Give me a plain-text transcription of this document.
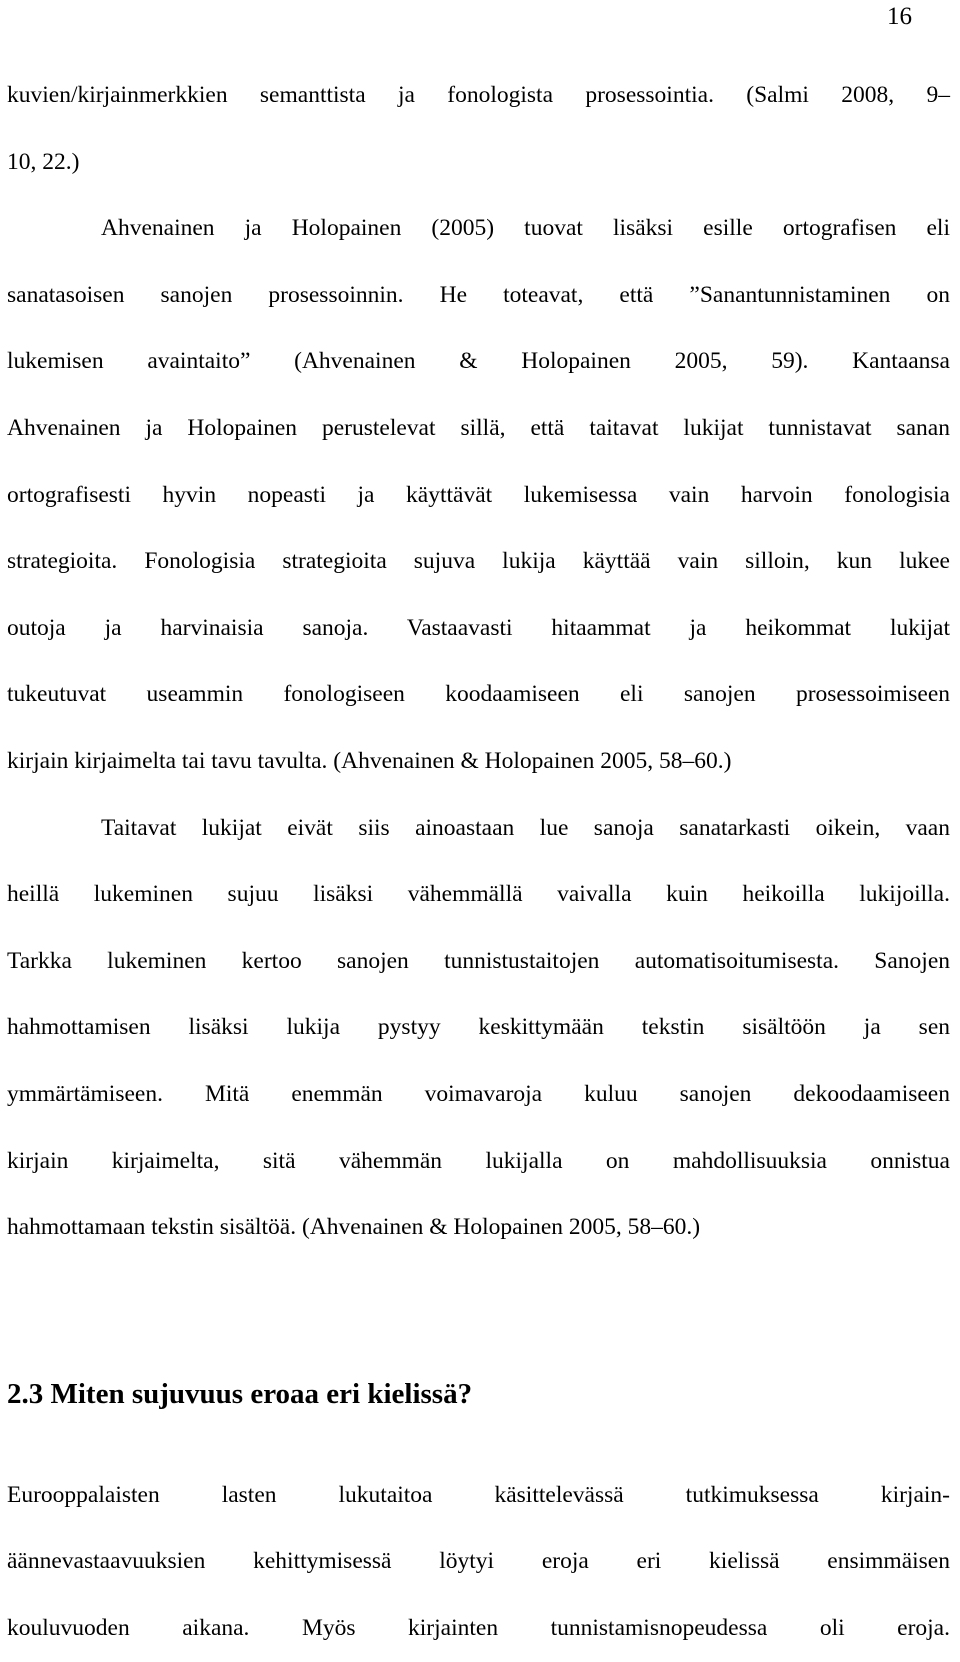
16
kuvien/kirjainmerkkien semanttista ja fonologista prosessointia. (Salmi 2008, 9–
10, 22.)
Ahvenainen ja Holopainen (2005) tuovat lisäksi esille ortografisen eli
sanatasoisen sanojen prosessoinnin. He toteavat, että ”Sanantunnistaminen on
lukemisen avaintaito” (Ahvenainen & Holopainen 2005, 59). Kantaansa
Ahvenainen ja Holopainen perustelevat sillä, että taitavat lukijat tunnistavat sanan
ortografisesti hyvin nopeasti ja käyttävät lukemisessa vain harvoin fonologisia
strategioita. Fonologisia strategioita sujuva lukija käyttää vain silloin, kun lukee
outoja ja harvinaisia sanoja. Vastaavasti hitaammat ja heikommat lukijat
tukeutuvat useammin fonologiseen koodaamiseen eli sanojen prosessoimiseen
kirjain kirjaimelta tai tavu tavulta. (Ahvenainen & Holopainen 2005, 58–60.)
Taitavat lukijat eivät siis ainoastaan lue sanoja sanatarkasti oikein, vaan
heillä lukeminen sujuu lisäksi vähemmällä vaivalla kuin heikoilla lukijoilla.
Tarkka lukeminen kertoo sanojen tunnistustaitojen automatisoitumisesta. Sanojen
hahmottamisen lisäksi lukija pystyy keskittymään tekstin sisältöön ja sen
ymmärtämiseen. Mitä enemmän voimavaroja kuluu sanojen dekoodaamiseen
kirjain kirjaimelta, sitä vähemmän lukijalla on mahdollisuuksia onnistua
hahmottamaan tekstin sisältöä. (Ahvenainen & Holopainen 2005, 58–60.)
2.3 Miten sujuvuus eroaa eri kielissä?
Eurooppalaisten lasten lukutaitoa käsittelevässä tutkimuksessa kirjain-
äännevastaavuuksien kehittymisessä löytyi eroja eri kielissä ensimmäisen
kouluvuoden aikana. Myös kirjainten tunnistamisnopeudessa oli eroja.
